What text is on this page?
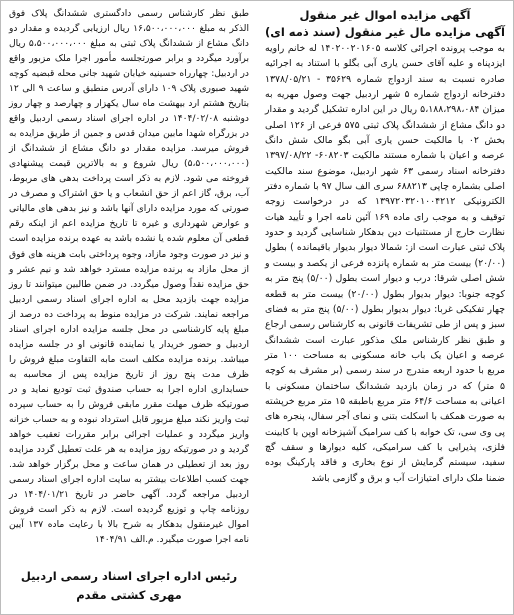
آگهی مزایده اموال غیر منقول
آگهی مزایده مال غیر منقول (سند ذمه ای)

به موجب پرونده اجرائی کلاسه ۱۴۰۲۰۰۲۰۱۶۰۵ له خانم راویه ایزدپناه و علیه آقای حسن یاری آبی بگلو با استناد به اجرائیه صادره نسبت به سند ازدواج شماره ۳۵۶۲۹ - ۱۳۷۸/۰۵/۲۱ دفترخانه ازدواج شماره ۵ شهر اردبیل جهت وصول مهریه به میزان ۵،۱۸۸،۲۹۸،۰۸۴ ریال در این اداره تشکیل گردید و مقدار دو دانگ مشاع از ششدانگ پلاک ثبتی ۵۷۵ فرعی از ۱۲۶ اصلی بخش ۰۲ با مالکیت حسن یاری آبی بگو مالک شش دانگ عرصه و اعیان با شماره مستند مالکیت ۶۰۸۲۰۳- ۱۳۹۷/۰۸/۲۲ دفترخانه اسناد رسمی ۶۳ شهر اردبیل، موضوع سند مالکیت اصلی بشماره چاپی ۶۸۸۲۱۳ سری الف سال ۹۷ با شماره دفتر الکترونیکی ۱۳۹۷۲۰۳۲۰۱۰۰۴۲۱۲ که در درخواست زوجه توقیف و به موجب رای ماده ۱۶۹ آئین نامه اجرا و تأیید هیات نظارت خارج از مستثنیات دین بدهکار شناسایی گردید و حدود پلاک ثبتی عبارت است از: شمالا دیوار بدیوار باقیمانده ) بطول (۲۰/۰۰) بیست متر به شماره پانزده فرعی از یکصد و بیست و شش اصلی شرقا: درب و دیوار است بطول (۵/۰۰) پنج متر به کوچه جنوبا: دیوار بدیوار بطول (۲۰/۰۰) بیست متر به قطعه چهار تفکیکی غربا: دیوار بدیوار بطول (۵/۰۰) پنج متر به فضای سبز و پس از طی تشریفات قانونی به کارشناس رسمی ارجاع و طبق نظر کارشناس ملک مذکور عبارت است ششدانگ عرصه و اعیان یک باب خانه مسکونی به مساحت ۱۰۰ متر مربع با حدود اربعه مندرج در سند رسمی (بر مشرف به کوچه ۵ متر) که در زمان بازدید ششدانگ ساختمان مسکونی با اعیانی به مساحت ۶۴/۶ متر مربع باطبقه ۱۵ متر مربع خرپشته به صورت همکف با اسکلت بتنی و نمای آجر سفال، پنجره های پی وی سی، تک خوابه با کف سرامیک آشپزخانه اوپن با کابینت فلزی، پذیرایی با کف سرامیکی، کلیه دیوارها و سقف گچ سفید، سیستم گرمایش از نوع بخاری و فاقد پارکینگ بوده ضمنا ملک دارای امتیازات آب و برق و گازمی باشد

طبق نظر کارشناس رسمی دادگستری ششدانگ پلاک فوق الذکر به مبلغ ۱۶،۵۰۰،۰۰۰،۰۰۰ ریال ارزیابی گردیده و مقدار دو دانگ مشاع از ششدانگ پلاک ثبتی به مبلغ ۵،۵۰۰،۰۰۰،۰۰۰ ریال برآورد میگردد و برابر صورتجلسه مأمور اجرا ملک مزبور واقع در اردبیل: چهارراه حسینیه خیابان شهید جانی محله قبضیه کوچه شهید صبوری پلاک ۱۰۹ دارای آدرس منطبق و ساعت ۹ الی ۱۲ بتاریخ هشتم ارد بیهشت ماه سال یکهزار و چهارصد و چهار روز دوشنبه ۱۴۰۴/۰۲/۰۸ در اداره اجرای اسناد رسمی اردبیل واقع در بزرگراه شهدا مابین میدان قدس و جمین از طریق مزایده به فروش میرسد. مزایده مقدار دو دانگ مشاع از ششدانگ از (۵،۵۰۰،۰۰۰،۰۰۰) ریال شروع و به بالاترین قیمت پیشنهادی فروخته می شود. لازم به ذکر است پرداخت بدهی های مربوط، آب، برق، گاز اعم از حق انشعاب و یا حق اشتراک و مصرف در صورتی که مورد مزایده دارای آنها باشد و نیز بدهی های مالیاتی و عوارض شهرداری و غیره تا تاریخ مزایده اعم از اینکه رقم قطعی آن معلوم شده یا نشده باشد به عهده برنده مزایده است و نیز در صورت وجود مازاد، وجوه پرداختی بابت هزینه های فوق از محل مازاد به برنده مزایده مسترد خواهد شد و نیم عشر و حق مزایده نقداً وصول میگردد. در ضمن طالبین میتوانند تا روز مزایده جهت بازدید محل به اداره اجرای اسناد رسمی اردبیل مراجعه نمایند. شرکت در مزایده منوط به پرداخت ده درصد از مبلغ پایه کارشناسی در محل جلسه مزایده اداره اجرای اسناد اردبیل و حضور خریدار یا نماینده قانونی او در جلسه مزایده میباشد. برنده مزایده مکلف است مابه التفاوت مبلغ فروش را ظرف مدت پنج روز از تاریخ مزایده پس از محاسبه به حسابداری اداره اجرا به حساب صندوق ثبت تودیع نماید و در صورتیکه ظرف مهلت مقرر مابقی فروش را به حساب سپرده ثبت واریز نکند مبلغ مزبور قابل استرداد نبوده و به حساب خزانه واریز میگردد و عملیات اجرائی برابر مقررات تعقیب خواهد گردید و در صورتیکه روز مزایده به هر علت تعطیل گردد مزایده روز بعد از تعطیلی در همان ساعت و محل برگزار خواهد شد. جهت کسب اطلاعات بیشتر به سایت اداره اجرای اسناد رسمی اردبیل مراجعه گردد. آگهی حاضر در تاریخ ۱۴۰۴/۰۱/۲۱ در روزنامه چاپ و توزیع گردیده است. لازم به ذکر است فروش اموال غیرمنقول بدهکار به شرح بالا با رعایت ماده ۱۳۷ آیین نامه اجرا صورت میگیرد. م.الف ۱۴۰۴/۹۱

رئیس اداره اجرای اسناد رسمی اردبیل
مهری کشتی مقدم
